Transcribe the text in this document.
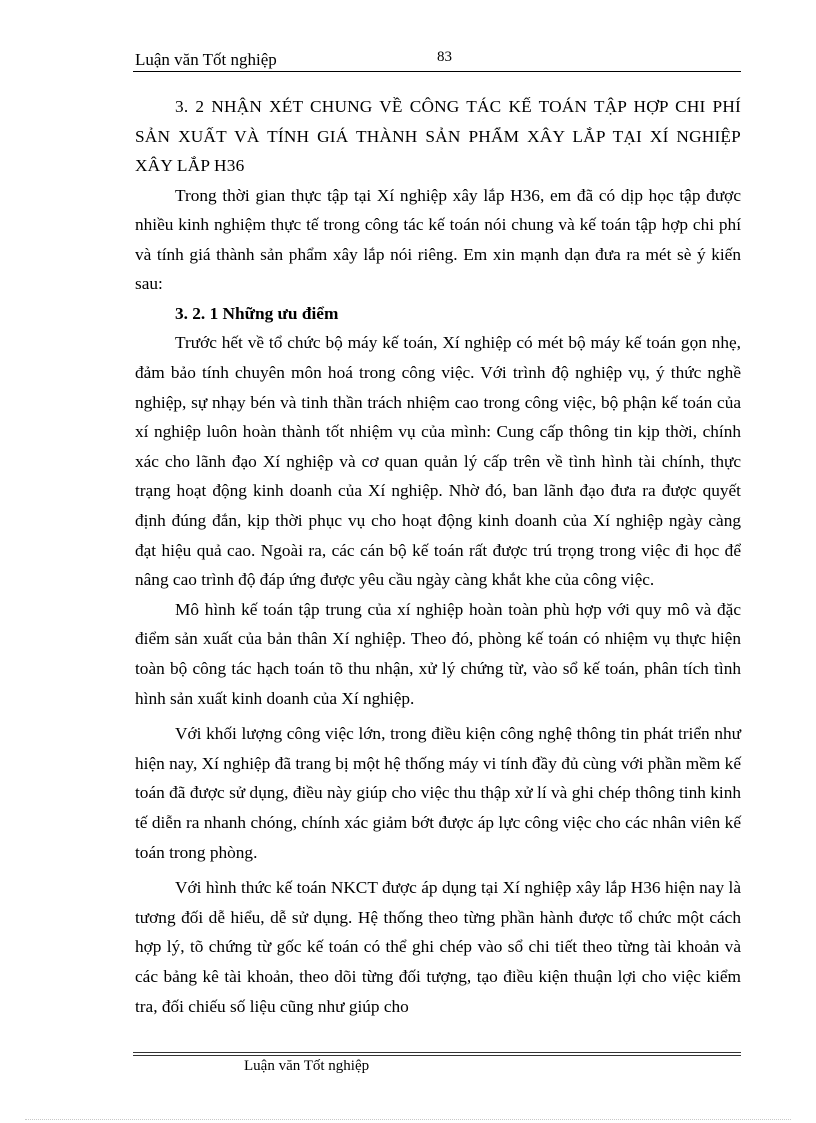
Luận văn Tốt nghiệp	83
3. 2 NHẬN XÉT CHUNG VỀ CÔNG TÁC KẾ TOÁN TẬP HỢP CHI PHÍ SẢN XUẤT VÀ TÍNH GIÁ THÀNH SẢN PHẨM XÂY LẮP TẠI XÍ NGHIỆP XÂY LẮP H36

Trong thời gian thực tập tại Xí nghiệp xây lắp H36, em đã có dịp học tập được nhiều kinh nghiệm thực tế trong công tác kế toán nói chung và kế toán tập hợp chi phí và tính giá thành sản phẩm xây lắp nói riêng. Em xin mạnh dạn đưa ra mét sè ý kiến sau:

3. 2. 1 Những ưu điểm

Trước hết về tổ chức bộ máy kế toán, Xí nghiệp có mét bộ máy kế toán gọn nhẹ, đảm bảo tính chuyên môn hoá trong công việc. Với trình độ nghiệp vụ, ý thức nghề nghiệp, sự nhạy bén và tinh thần trách nhiệm cao trong công việc, bộ phận kế toán của xí nghiệp luôn hoàn thành tốt nhiệm vụ của mình: Cung cấp thông tin kịp thời, chính xác cho lãnh đạo Xí nghiệp và cơ quan quản lý cấp trên về tình hình tài chính, thực trạng hoạt động kinh doanh của Xí nghiệp. Nhờ đó, ban lãnh đạo đưa ra được quyết định đúng đắn, kịp thời phục vụ cho hoạt động kinh doanh của Xí nghiệp ngày càng đạt hiệu quả cao. Ngoài ra, các cán bộ kế toán rất được trú trọng trong việc đi học để nâng cao trình độ đáp ứng được yêu cầu ngày càng khắt khe của công việc.

Mô hình kế toán tập trung của xí nghiệp hoàn toàn phù hợp với quy mô và đặc điểm sản xuất của bản thân Xí nghiệp. Theo đó, phòng kế toán có nhiệm vụ thực hiện toàn bộ công tác hạch toán tõ thu nhận, xử lý chứng từ, vào sổ kế toán, phân tích tình hình sản xuất kinh doanh của Xí nghiệp.

Với khối lượng công việc lớn, trong điều kiện công nghệ thông tin phát triển như hiện nay, Xí nghiệp đã trang bị một hệ thống máy vi tính đầy đủ cùng với phần mềm kế toán đã được sử dụng, điều này giúp cho việc thu thập xử lí và ghi chép thông tinh kinh tế diễn ra nhanh chóng, chính xác giảm bớt được áp lực công việc cho các nhân viên kế toán trong phòng.

Với hình thức kế toán NKCT được áp dụng tại Xí nghiệp xây lắp H36 hiện nay là tương đối dễ hiểu, dễ sử dụng. Hệ thống theo từng phần hành được tổ chức một cách hợp lý, tõ chứng từ gốc kế toán có thể ghi chép vào sổ chi tiết theo từng tài khoản và các bảng kê tài khoản, theo dõi từng đối tượng, tạo điều kiện thuận lợi cho việc kiểm tra, đối chiếu số liệu cũng như giúp cho

Luận văn Tốt nghiệp
